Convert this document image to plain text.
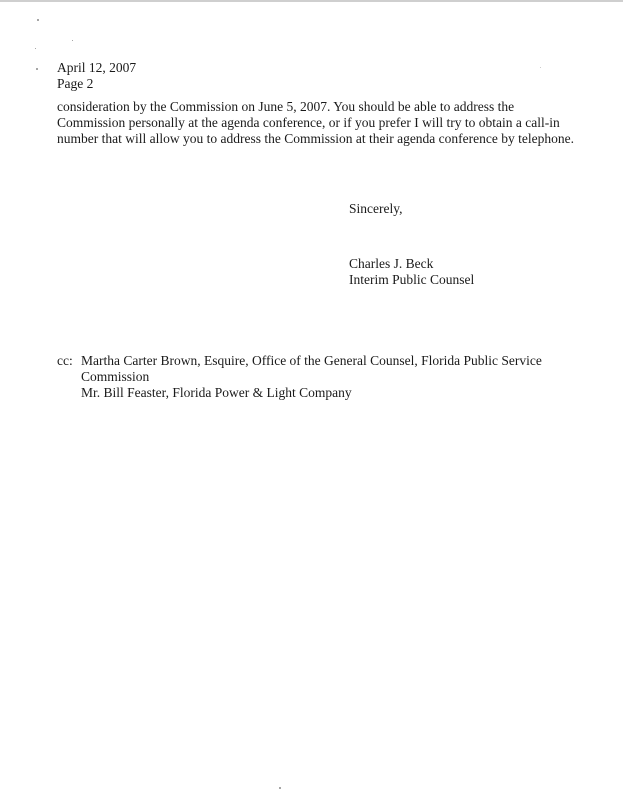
April 12, 2007
Page 2
consideration by the Commission on June 5, 2007. You should be able to address the
Commission personally at the agenda conference, or if you prefer I will try to obtain a call-in
number that will allow you to address the Commission at their agenda conference by telephone.
Sincerely,
Charles J. Beck
Interim Public Counsel
cc: Martha Carter Brown, Esquire, Office of the General Counsel, Florida Public Service
Commission
Mr. Bill Feaster, Florida Power & Light Company
